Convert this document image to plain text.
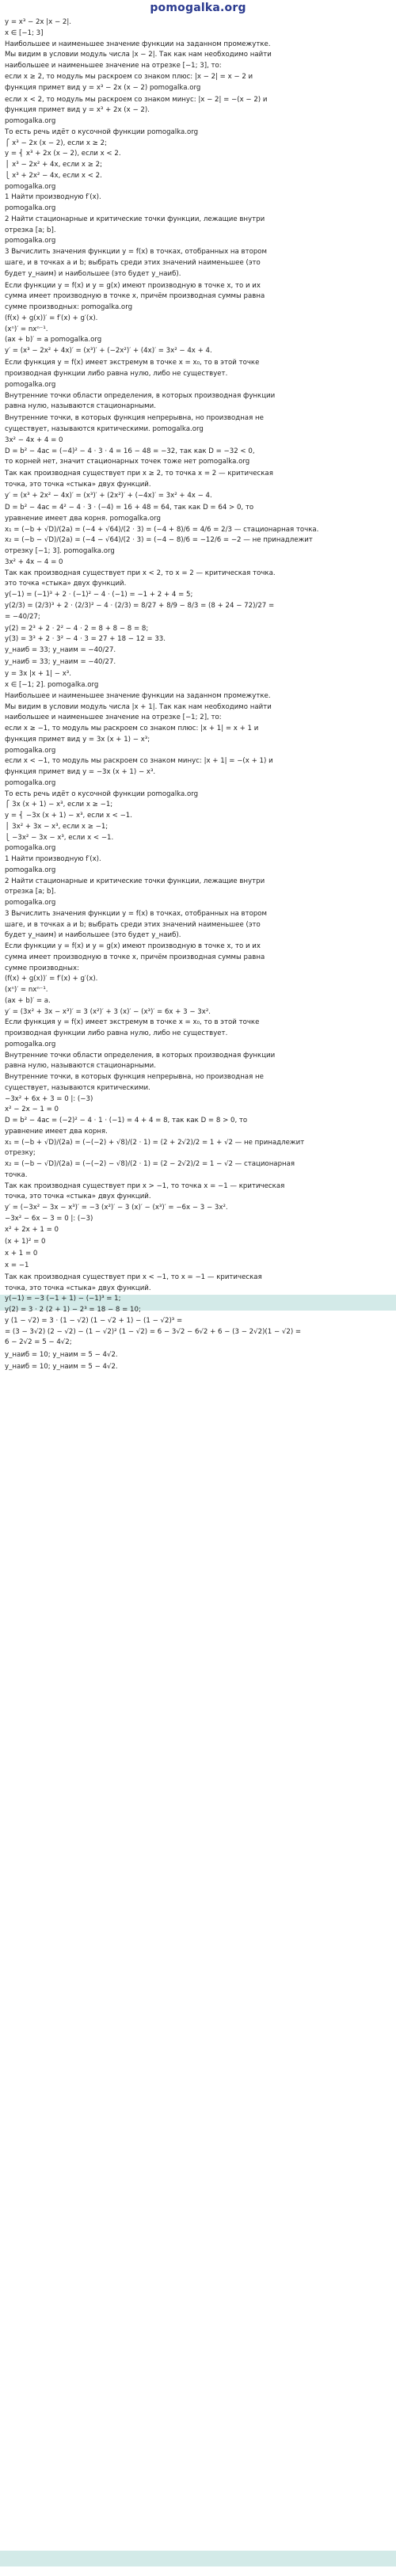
pomogalka.org
y = x³ − 2x |x − 2|.
x ∈ [−1; 3]
Наибольшее и наименьшее значение функции на заданном промежутке.
Мы видим в условии модуль числа |x − 2|. Так как нам необходимо найти
наибольшее и наименьшее значение на отрезке [−1; 3], то:
если x ≥ 2, то модуль мы раскроем со знаком плюс: |x − 2| = x − 2 и
функция примет вид y = x³ − 2x (x − 2) pomogalka.org
если x < 2, то модуль мы раскроем со знаком минус: |x − 2| = −(x − 2) и
функция примет вид y = x³ + 2x (x − 2).
pomogalka.org
То есть речь идёт о кусочной функции pomogalka.org
⎧ x³ − 2x (x − 2), если x ≥ 2;
y = ⎨ x³ + 2x (x − 2), если x < 2.
⎪ x³ − 2x² + 4x, если x ≥ 2;
⎩ x³ + 2x² − 4x, если x < 2.
pomogalka.org
1 Найти производную f′(x).
pomogalka.org
2 Найти стационарные и критические точки функции, лежащие внутри
отрезка [a; b].
pomogalka.org
3 Вычислить значения функции y = f(x) в точках, отобранных на втором
шаге, и в точках a и b; выбрать среди этих значений наименьшее (это
будет y_наим) и наибольшее (это будет y_наиб).
Если функции y = f(x) и y = g(x) имеют производную в точке x, то и их
сумма имеет производную в точке x, причём производная суммы равна
сумме производных: pomogalka.org
(f(x) + g(x))′ = f′(x) + g′(x).
(xⁿ)′ = nxⁿ⁻¹.
(ax + b)′ = a pomogalka.org
y′ = (x³ − 2x² + 4x)′ = (x³)′ + (−2x²)′ + (4x)′ = 3x² − 4x + 4.
Если функция y = f(x) имеет экстремум в точке x = x₀, то в этой точке
производная функции либо равна нулю, либо не существует.
pomogalka.org
Внутренние точки области определения, в которых производная функции
равна нулю, называются стационарными.
Внутренние точки, в которых функция непрерывна, но производная не
существует, называются критическими. pomogalka.org
3x² − 4x + 4 = 0
D = b² − 4ac = (−4)² − 4 · 3 · 4 = 16 − 48 = −32, так как D = −32 < 0,
то корней нет, значит стационарных точек тоже нет pomogalka.org
Так как производная существует при x ≥ 2, то точка x = 2 — критическая
точка, это точка «стыка» двух функций.
y′ = (x³ + 2x² − 4x)′ = (x³)′ + (2x²)′ + (−4x)′ = 3x² + 4x − 4.
D = b² − 4ac = 4² − 4 · 3 · (−4) = 16 + 48 = 64, так как D = 64 > 0, то
уравнение имеет два корня. pomogalka.org
x₁ = (−b + √D)/(2a) = (−4 + √64)/(2 · 3) = (−4 + 8)/6 = 4/6 = 2/3 — стационарная точка.
x₂ = (−b − √D)/(2a) = (−4 − √64)/(2 · 3) = (−4 − 8)/6 = −12/6 = −2 — не принадлежит
отрезку [−1; 3]. pomogalka.org
3x² + 4x − 4 = 0
Так как производная существует при x < 2, то x = 2 — критическая точка.
это точка «стыка» двух функций.
y(−1) = (−1)³ + 2 · (−1)² − 4 · (−1) = −1 + 2 + 4 = 5;
y(2/3) = (2/3)³ + 2 · (2/3)² − 4 · (2/3) = 8/27 + 8/9 − 8/3 = (8 + 24 − 72)/27 =
= −40/27;
y(2) = 2³ + 2 · 2² − 4 · 2 = 8 + 8 − 8 = 8;
y(3) = 3³ + 2 · 3² − 4 · 3 = 27 + 18 − 12 = 33.
y_наиб = 33; y_наим = −40/27.
y_наиб = 33; y_наим = −40/27.
y = 3x |x + 1| − x³.
x ∈ [−1; 2]. pomogalka.org
Наибольшее и наименьшее значение функции на заданном промежутке.
Мы видим в условии модуль числа |x + 1|. Так как нам необходимо найти
наибольшее и наименьшее значение на отрезке [−1; 2], то:
если x ≥ −1, то модуль мы раскроем со знаком плюс: |x + 1| = x + 1 и
функция примет вид y = 3x (x + 1) − x³;
pomogalka.org
если x < −1, то модуль мы раскроем со знаком минус: |x + 1| = −(x + 1) и
функция примет вид y = −3x (x + 1) − x³.
pomogalka.org
То есть речь идёт о кусочной функции pomogalka.org
⎧ 3x (x + 1) − x³, если x ≥ −1;
y = ⎨ −3x (x + 1) − x³, если x < −1.
⎪ 3x² + 3x − x³, если x ≥ −1;
⎩ −3x² − 3x − x³, если x < −1.
pomogalka.org
1 Найти производную f′(x).
pomogalka.org
2 Найти стационарные и критические точки функции, лежащие внутри
отрезка [a; b].
pomogalka.org
3 Вычислить значения функции y = f(x) в точках, отобранных на втором
шаге, и в точках a и b; выбрать среди этих значений наименьшее (это
будет y_наим) и наибольшее (это будет y_наиб).
Если функции y = f(x) и y = g(x) имеют производную в точке x, то и их
сумма имеет производную в точке x, причём производная суммы равна
сумме производных:
(f(x) + g(x))′ = f′(x) + g′(x).
(xⁿ)′ = nxⁿ⁻¹.
(ax + b)′ = a.
y′ = (3x² + 3x − x³)′ = 3 (x²)′ + 3 (x)′ − (x³)′ = 6x + 3 − 3x².
Если функция y = f(x) имеет экстремум в точке x = x₀, то в этой точке
производная функции либо равна нулю, либо не существует.
pomogalka.org
Внутренние точки области определения, в которых производная функции
равна нулю, называются стационарными.
Внутренние точки, в которых функция непрерывна, но производная не
существует, называются критическими.
−3x² + 6x + 3 = 0 |: (−3)
x² − 2x − 1 = 0
D = b² − 4ac = (−2)² − 4 · 1 · (−1) = 4 + 4 = 8, так как D = 8 > 0, то
уравнение имеет два корня.
x₁ = (−b + √D)/(2a) = (−(−2) + √8)/(2 · 1) = (2 + 2√2)/2 = 1 + √2 — не принадлежит
отрезку;
x₂ = (−b − √D)/(2a) = (−(−2) − √8)/(2 · 1) = (2 − 2√2)/2 = 1 − √2 — стационарная
точка.
Так как производная существует при x > −1, то точка x = −1 — критическая
точка, это точка «стыка» двух функций.
y′ = (−3x² − 3x − x³)′ = −3 (x²)′ − 3 (x)′ − (x³)′ = −6x − 3 − 3x².
−3x² − 6x − 3 = 0 |: (−3)
x² + 2x + 1 = 0
(x + 1)² = 0
x + 1 = 0
x = −1
Так как производная существует при x < −1, то x = −1 — критическая
точка, это точка «стыка» двух функций.
y(−1) = −3 (−1 + 1) − (−1)³ = 1;
y(2) = 3 · 2 (2 + 1) − 2³ = 18 − 8 = 10;
y (1 − √2) = 3 · (1 − √2) (1 − √2 + 1) − (1 − √2)³ =
= (3 − 3√2) (2 − √2) − (1 − √2)² (1 − √2) = 6 − 3√2 − 6√2 + 6 − (3 − 2√2)(1 − √2) =
6 − 2√2 = 5 − 4√2;
y_наиб = 10; y_наим = 5 − 4√2.
y_наиб = 10; y_наим = 5 − 4√2.
